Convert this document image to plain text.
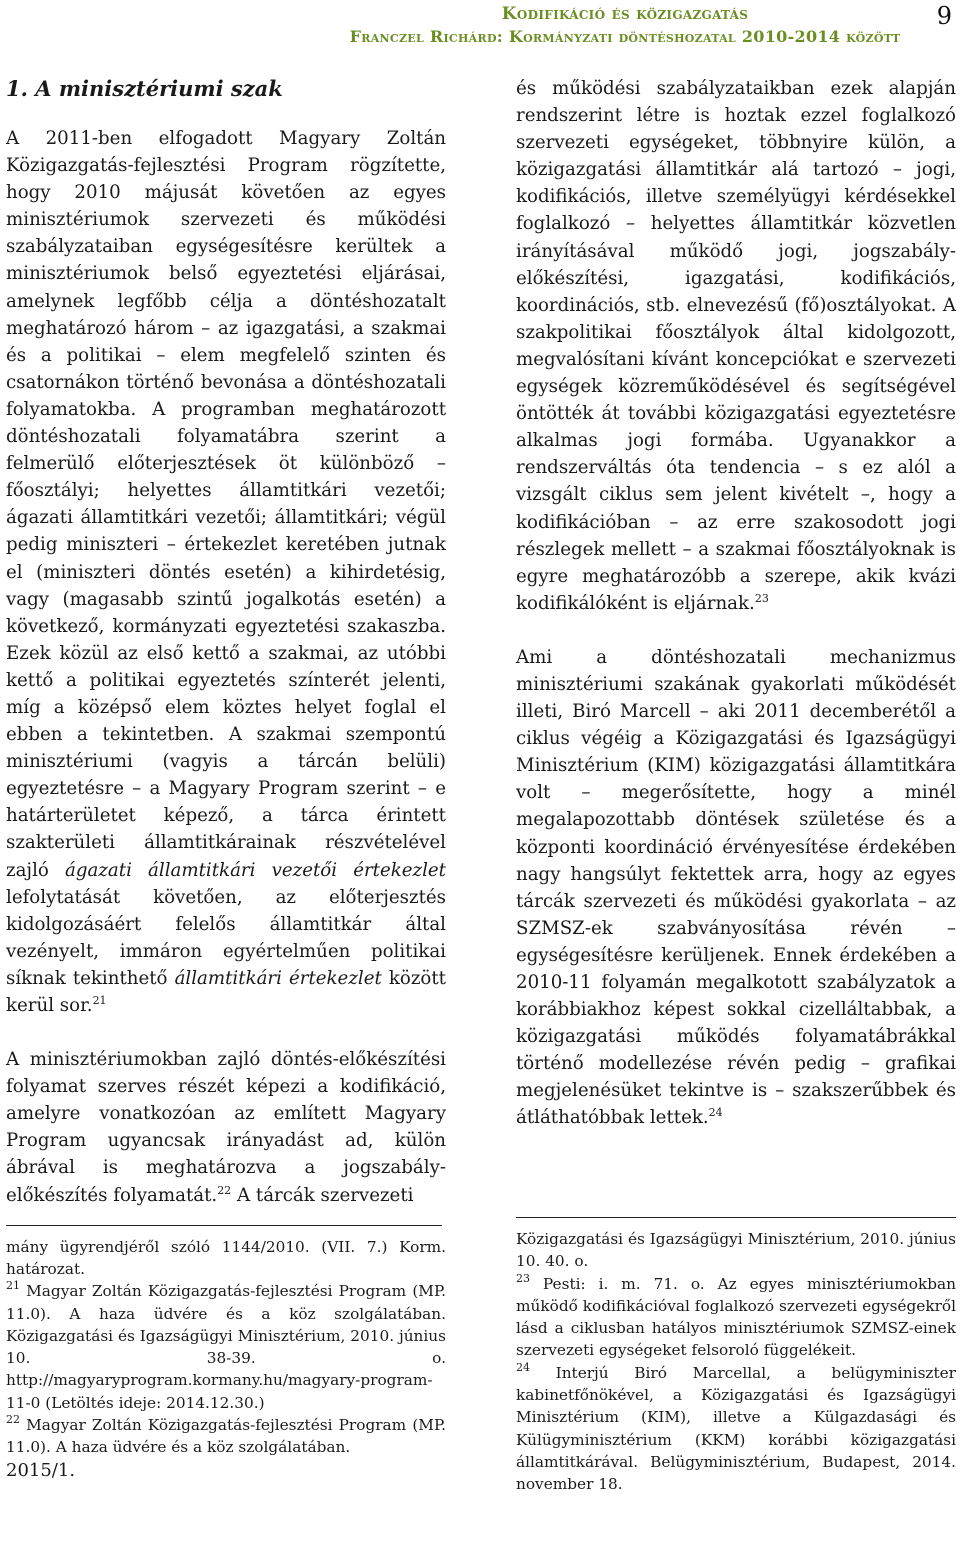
Kodifikáció és közigazgatás
Franczel Richárd: Kormányzati döntéshozatal 2010-2014 között
9
1. A minisztériumi szak

A 2011-ben elfogadott Magyary Zoltán Közigazgatás-fejlesztési Program rögzítette, hogy 2010 májusát követően az egyes minisztériumok szervezeti és működési szabályzataiban egységesítésre kerültek a minisztériumok belső egyeztetési eljárásai, amelynek legfőbb célja a döntéshozatalt meghatározó három – az igazgatási, a szakmai és a politikai – elem megfelelő szinten és csatornákon történő bevonása a döntéshozatali folyamatokba. A programban meghatározott döntéshozatali folyamatábra szerint a felmerülő előterjesztések öt különböző – főosztályi; helyettes államtitkári vezetői; ágazati államtitkári vezetői; államtitkári; végül pedig miniszteri – értekezlet keretében jutnak el (miniszteri döntés esetén) a kihirdetésig, vagy (magasabb szintű jogalkotás esetén) a következő, kormányzati egyeztetési szakaszba. Ezek közül az első kettő a szakmai, az utóbbi kettő a politikai egyeztetés színterét jelenti, míg a középső elem köztes helyet foglal el ebben a tekintetben. A szakmai szempontú minisztériumi (vagyis a tárcán belüli) egyeztetésre – a Magyary Program szerint – e határterületet képező, a tárca érintett szakterületi államtitkárainak részvételével zajló ágazati államtitkári vezetői értekezlet lefolytatását követően, az előterjesztés kidolgozásáért felelős államtitkár által vezényelt, immáron egyértelműen politikai síknak tekinthető államtitkári értekezlet között kerül sor.$^{21}$

A minisztériumokban zajló döntés-előkészítési folyamat szerves részét képezi a kodifikáció, amelyre vonatkozóan az említett Magyary Program ugyancsak irányadást ad, külön ábrával is meghatározva a jogszabály-előkészítés folyamatát.$^{22}$ A tárcák szervezeti

mány ügyrendjéről szóló 1144/2010. (VII. 7.) Korm. határozat.
$^{21}$ Magyar Zoltán Közigazgatás-fejlesztési Program (MP. 11.0). A haza üdvére és a köz szolgálatában. Közigazgatási és Igazságügyi Minisztérium, 2010. június 10. 38-39. o. http://magyaryprogram.kormany.hu/magyary-program-11-0 (Letöltés ideje: 2014.12.30.)
$^{22}$ Magyar Zoltán Közigazgatás-fejlesztési Program (MP. 11.0). A haza üdvére és a köz szolgálatában.
2015/1.

és működési szabályzataikban ezek alapján rendszerint létre is hoztak ezzel foglalkozó szervezeti egységeket, többnyire külön, a közigazgatási államtitkár alá tartozó – jogi, kodifikációs, illetve személyügyi kérdésekkel foglalkozó – helyettes államtitkár közvetlen irányításával működő jogi, jogszabály-előkészítési, igazgatási, kodifikációs, koordinációs, stb. elnevezésű (fő)osztályokat. A szakpolitikai főosztályok által kidolgozott, megvalósítani kívánt koncepciókat e szervezeti egységek közreműködésével és segítségével öntötték át további közigazgatási egyeztetésre alkalmas jogi formába. Ugyanakkor a rendszerváltás óta tendencia – s ez alól a vizsgált ciklus sem jelent kivételt –, hogy a kodifikációban – az erre szakosodott jogi részlegek mellett – a szakmai főosztályoknak is egyre meghatározóbb a szerepe, akik kvázi kodifikálóként is eljárnak.$^{23}$

Ami a döntéshozatali mechanizmus minisztériumi szakának gyakorlati működését illeti, Biró Marcell – aki 2011 decemberétől a ciklus végéig a Közigazgatási és Igazságügyi Minisztérium (KIM) közigazgatási államtitkára volt – megerősítette, hogy a minél megalapozottabb döntések születése és a központi koordináció érvényesítése érdekében nagy hangsúlyt fektettek arra, hogy az egyes tárcák szervezeti és működési gyakorlata – az SZMSZ-ek szabványosítása révén – egységesítésre kerüljenek. Ennek érdekében a 2010-11 folyamán megalkotott szabályzatok a korábbiakhoz képest sokkal cizelláltabbak, a közigazgatási működés folyamatábrákkal történő modellezése révén pedig – grafikai megjelenésüket tekintve is – szakszerűbbek és átláthatóbbak lettek.$^{24}$

Közigazgatási és Igazságügyi Minisztérium, 2010. június 10. 40. o.
$^{23}$ Pesti: i. m. 71. o. Az egyes minisztériumokban működő kodifikációval foglalkozó szervezeti egységekről lásd a ciklusban hatályos minisztériumok SZMSZ-einek szervezeti egységeket felsoroló függelékeit.
$^{24}$ Interjú Biró Marcellal, a belügyminiszter kabinetfőnökével, a Közigazgatási és Igazságügyi Minisztérium (KIM), illetve a Külgazdasági és Külügyminisztérium (KKM) korábbi közigazgatási államtitkárával. Belügyminisztérium, Budapest, 2014. november 18.
